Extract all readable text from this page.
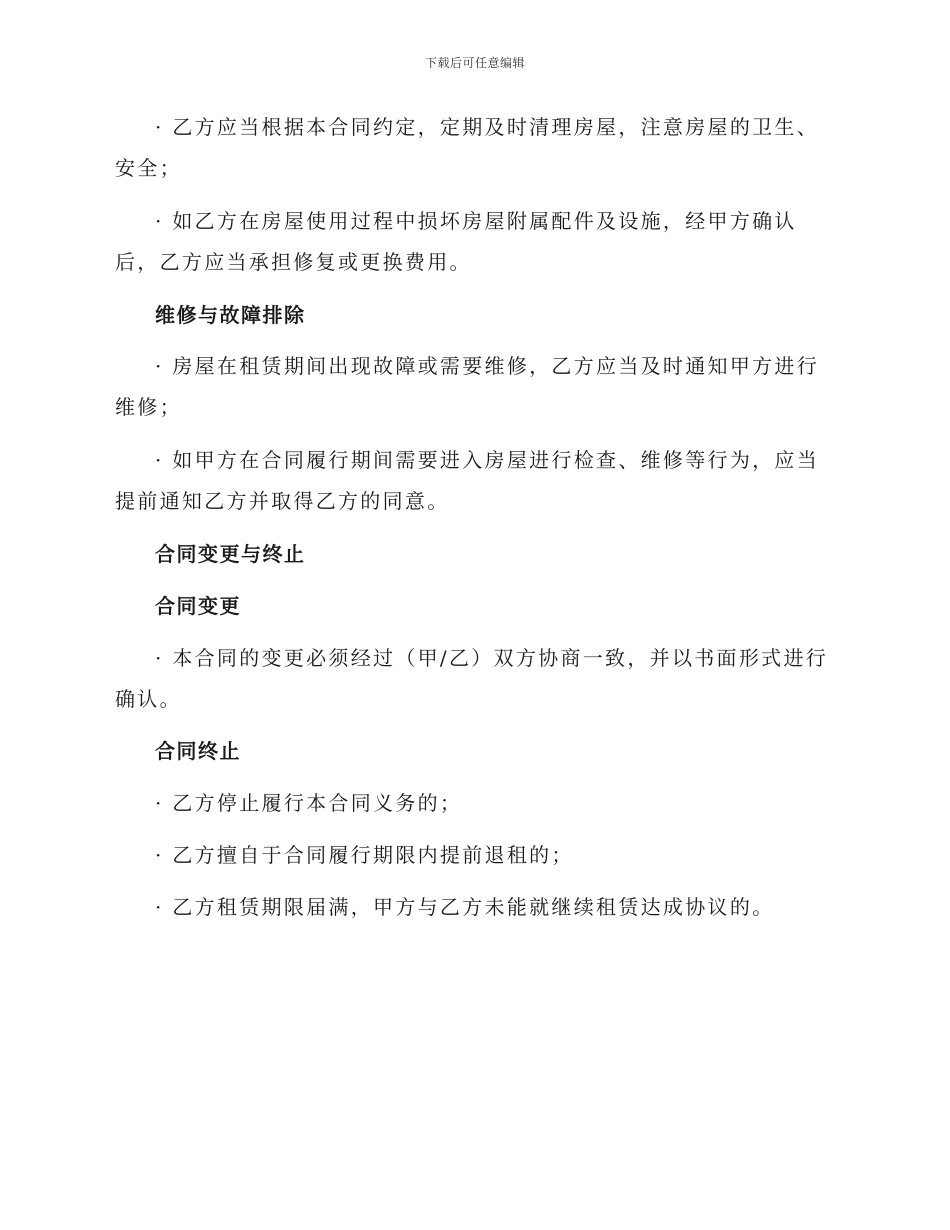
下载后可任意编辑
· 乙方应当根据本合同约定，定期及时清理房屋，注意房屋的卫生、安全；
· 如乙方在房屋使用过程中损坏房屋附属配件及设施，经甲方确认后，乙方应当承担修复或更换费用。
维修与故障排除
· 房屋在租赁期间出现故障或需要维修，乙方应当及时通知甲方进行维修；
· 如甲方在合同履行期间需要进入房屋进行检查、维修等行为，应当提前通知乙方并取得乙方的同意。
合同变更与终止
合同变更
· 本合同的变更必须经过（甲/乙）双方协商一致，并以书面形式进行确认。
合同终止
· 乙方停止履行本合同义务的；
· 乙方擅自于合同履行期限内提前退租的；
· 乙方租赁期限届满，甲方与乙方未能就继续租赁达成协议的。
